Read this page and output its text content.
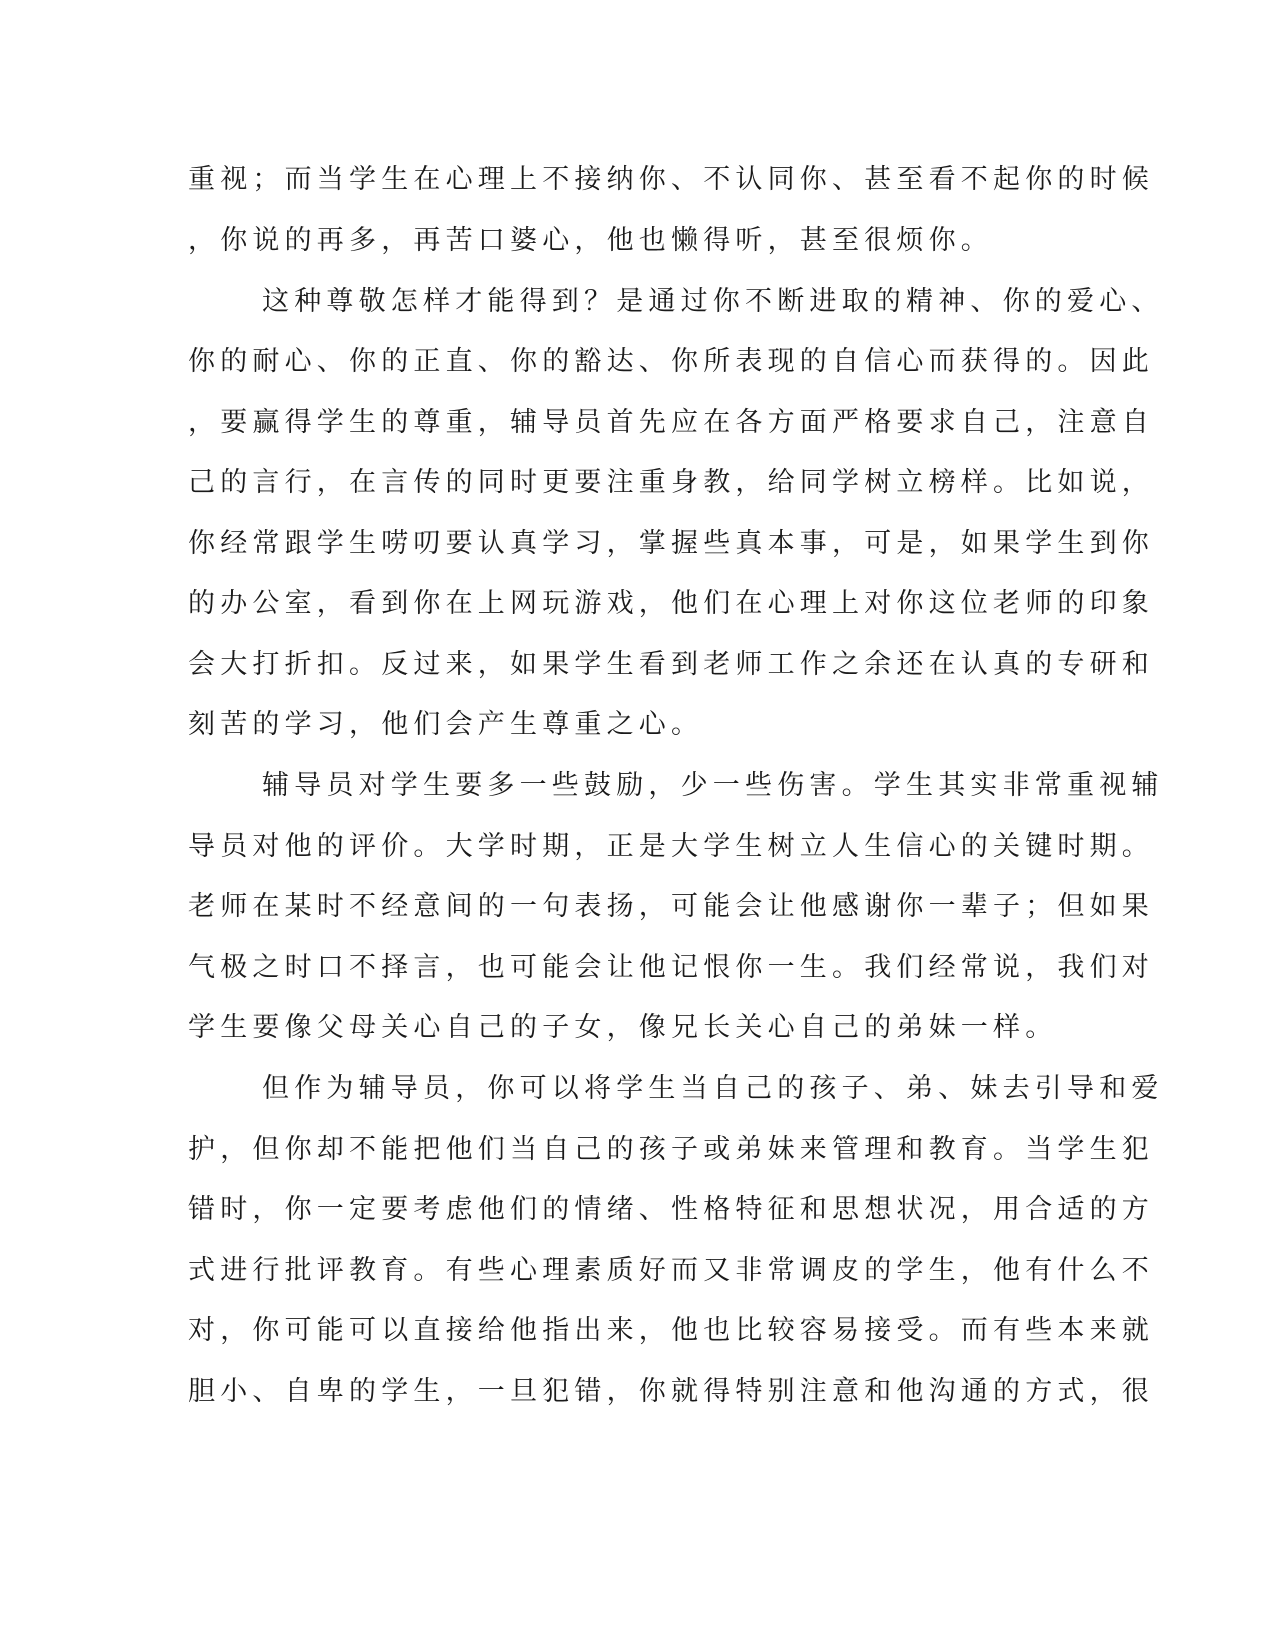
重视；而当学生在心理上不接纳你、不认同你、甚至看不起你的时候
，你说的再多，再苦口婆心，他也懒得听，甚至很烦你。
这种尊敬怎样才能得到？是通过你不断进取的精神、你的爱心、
你的耐心、你的正直、你的豁达、你所表现的自信心而获得的。因此
，要赢得学生的尊重，辅导员首先应在各方面严格要求自己，注意自
己的言行，在言传的同时更要注重身教，给同学树立榜样。比如说，
你经常跟学生唠叨要认真学习，掌握些真本事，可是，如果学生到你
的办公室，看到你在上网玩游戏，他们在心理上对你这位老师的印象
会大打折扣。反过来，如果学生看到老师工作之余还在认真的专研和
刻苦的学习，他们会产生尊重之心。
辅导员对学生要多一些鼓励，少一些伤害。学生其实非常重视辅
导员对他的评价。大学时期，正是大学生树立人生信心的关键时期。
老师在某时不经意间的一句表扬，可能会让他感谢你一辈子；但如果
气极之时口不择言，也可能会让他记恨你一生。我们经常说，我们对
学生要像父母关心自己的子女，像兄长关心自己的弟妹一样。
但作为辅导员，你可以将学生当自己的孩子、弟、妹去引导和爱
护，但你却不能把他们当自己的孩子或弟妹来管理和教育。当学生犯
错时，你一定要考虑他们的情绪、性格特征和思想状况，用合适的方
式进行批评教育。有些心理素质好而又非常调皮的学生，他有什么不
对，你可能可以直接给他指出来，他也比较容易接受。而有些本来就
胆小、自卑的学生，一旦犯错，你就得特别注意和他沟通的方式，很
